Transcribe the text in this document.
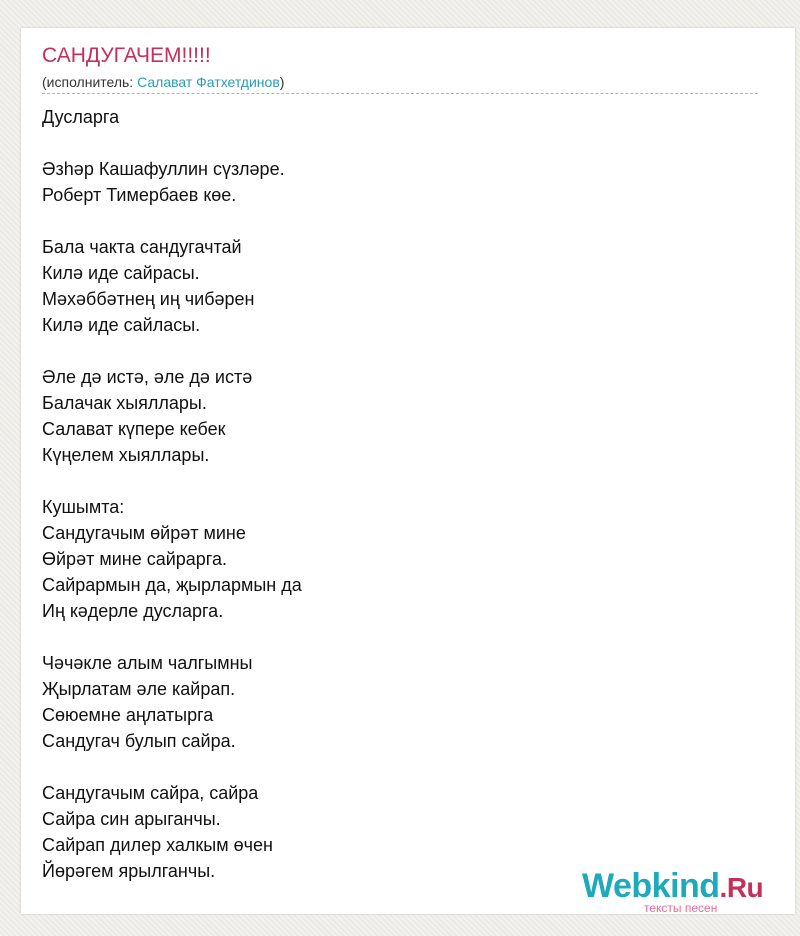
САНДУГАЧЕМ!!!!!
(исполнитель: Салават Фатхетдинов)
Дусларга
Әзһәр Кашафуллин сүзләре.
Роберт Тимербаев көе.
Бала чакта сандугачтай
Килә иде сайрасы.
Мәхәббәтнең иң чибәрен
Килә иде сайласы.
Әле дә истә, әле дә истә
Балачак хыяллары.
Салават күпере кебек
Күңелем хыяллары.
Кушымта:
Сандугачым өйрәт мине
Өйрәт мине сайрарга.
Сайрармын да, җырлармын да
Иң кәдерле дусларга.
Чәчәкле алым чалгымны
Җырлатам әле кайрап.
Сөюемне аңлатырга
Сандугач булып сайра.
Сандугачым сайра, сайра
Сайра син арыганчы.
Сайрап дилер халкым өчен
Йөрәгем ярылганчы.	Webkind.Ru
тексты песен
